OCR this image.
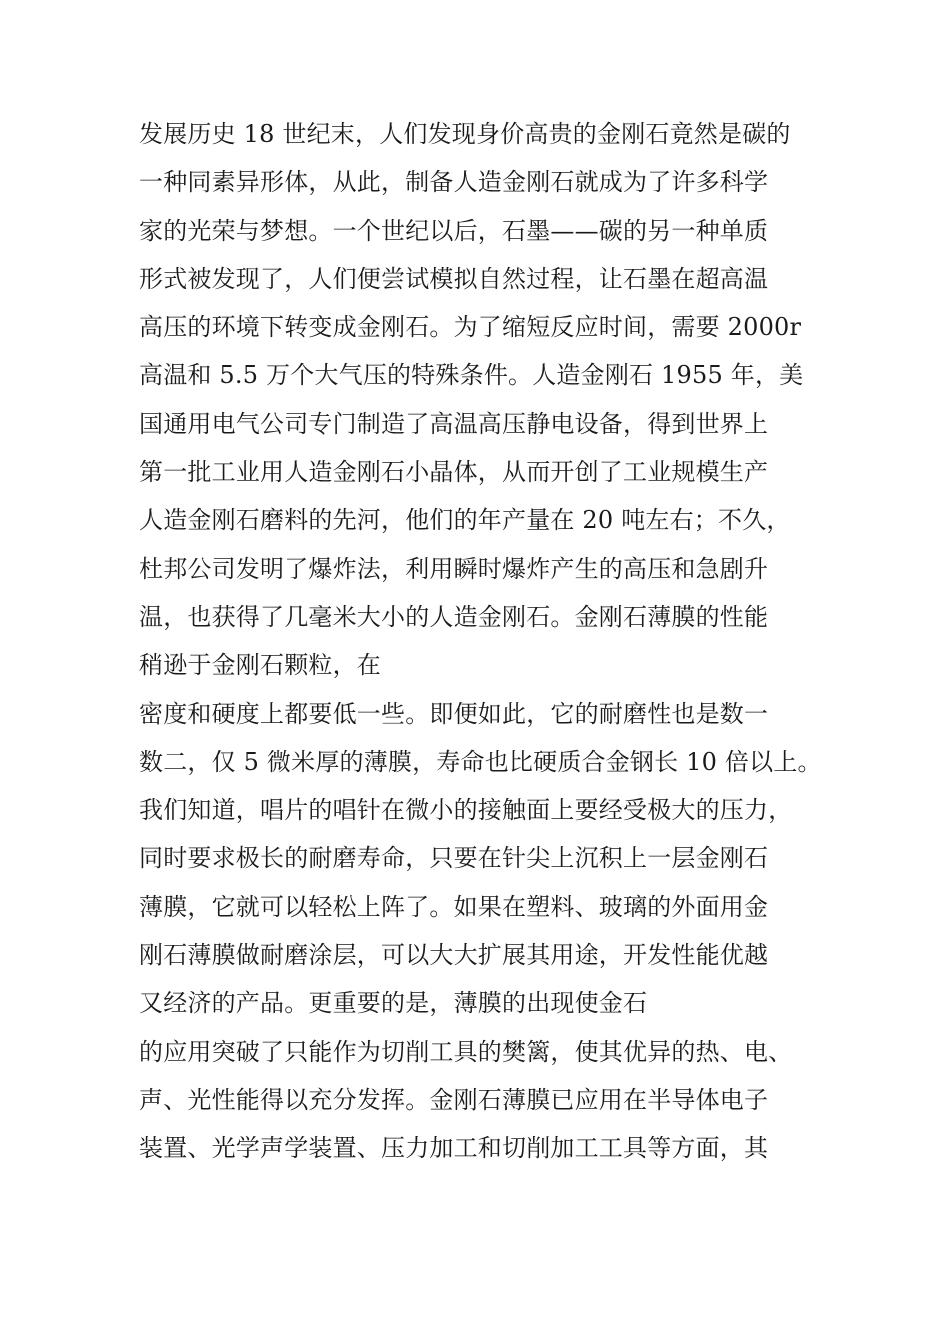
发展历史 18 世纪末，人们发现身价高贵的金刚石竟然是碳的
一种同素异形体，从此，制备人造金刚石就成为了许多科学
家的光荣与梦想。一个世纪以后，石墨——碳的另一种单质
形式被发现了，人们便尝试模拟自然过程，让石墨在超高温
高压的环境下转变成金刚石。为了缩短反应时间，需要 2000r
高温和 5.5 万个大气压的特殊条件。人造金刚石 1955 年，美
国通用电气公司专门制造了高温高压静电设备，得到世界上
第一批工业用人造金刚石小晶体，从而开创了工业规模生产
人造金刚石磨料的先河，他们的年产量在 20 吨左右；不久，
杜邦公司发明了爆炸法，利用瞬时爆炸产生的高压和急剧升
温，也获得了几毫米大小的人造金刚石。金刚石薄膜的性能
稍逊于金刚石颗粒，在
密度和硬度上都要低一些。即便如此，它的耐磨性也是数一
数二，仅 5 微米厚的薄膜，寿命也比硬质合金钢长 10 倍以上。
我们知道，唱片的唱针在微小的接触面上要经受极大的压力，
同时要求极长的耐磨寿命，只要在针尖上沉积上一层金刚石
薄膜，它就可以轻松上阵了。如果在塑料、玻璃的外面用金
刚石薄膜做耐磨涂层，可以大大扩展其用途，开发性能优越
又经济的产品。更重要的是，薄膜的出现使金石
的应用突破了只能作为切削工具的樊篱，使其优异的热、电、
声、光性能得以充分发挥。金刚石薄膜已应用在半导体电子
装置、光学声学装置、压力加工和切削加工工具等方面，其
